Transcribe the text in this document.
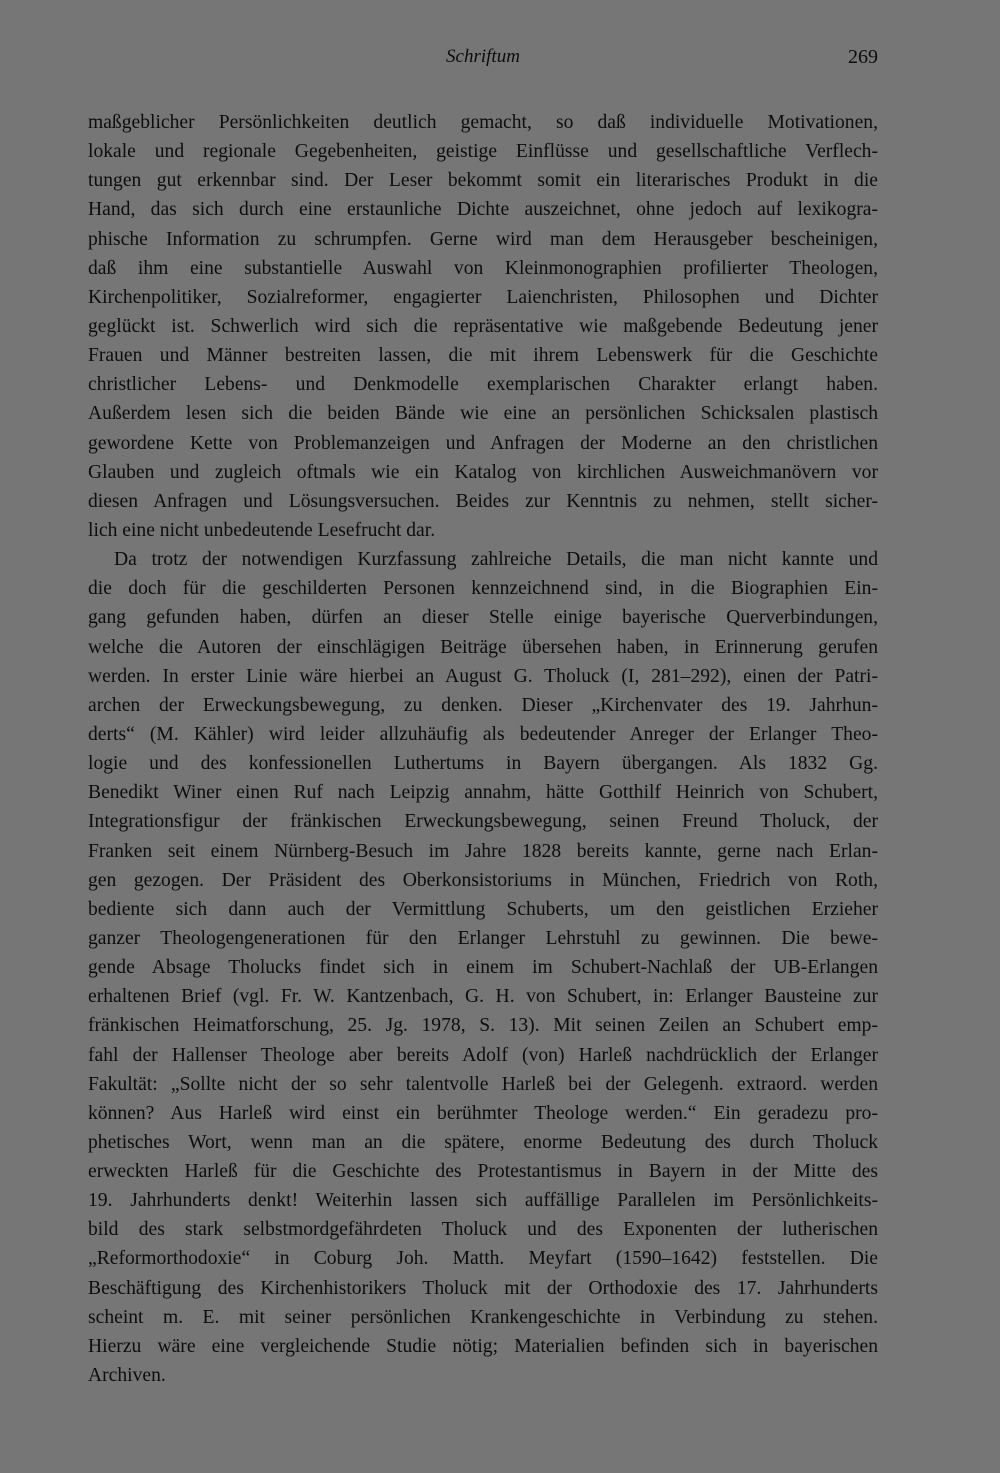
Schriftum	269
maßgeblicher Persönlichkeiten deutlich gemacht, so daß individuelle Motivationen,
lokale und regionale Gegebenheiten, geistige Einflüsse und gesellschaftliche Verflech-
tungen gut erkennbar sind. Der Leser bekommt somit ein literarisches Produkt in die
Hand, das sich durch eine erstaunliche Dichte auszeichnet, ohne jedoch auf lexikogra-
phische Information zu schrumpfen. Gerne wird man dem Herausgeber bescheinigen,
daß ihm eine substantielle Auswahl von Kleinmonographien profilierter Theologen,
Kirchenpolitiker, Sozialreformer, engagierter Laienchristen, Philosophen und Dichter
geglückt ist. Schwerlich wird sich die repräsentative wie maßgebende Bedeutung jener
Frauen und Männer bestreiten lassen, die mit ihrem Lebenswerk für die Geschichte
christlicher Lebens- und Denkmodelle exemplarischen Charakter erlangt haben.
Außerdem lesen sich die beiden Bände wie eine an persönlichen Schicksalen plastisch
gewordene Kette von Problemanzeigen und Anfragen der Moderne an den christlichen
Glauben und zugleich oftmals wie ein Katalog von kirchlichen Ausweichmanövern vor
diesen Anfragen und Lösungsversuchen. Beides zur Kenntnis zu nehmen, stellt sicher-
lich eine nicht unbedeutende Lesefrucht dar.
Da trotz der notwendigen Kurzfassung zahlreiche Details, die man nicht kannte und
die doch für die geschilderten Personen kennzeichnend sind, in die Biographien Ein-
gang gefunden haben, dürfen an dieser Stelle einige bayerische Querverbindungen,
welche die Autoren der einschlägigen Beiträge übersehen haben, in Erinnerung gerufen
werden. In erster Linie wäre hierbei an August G. Tholuck (I, 281–292), einen der Patri-
archen der Erweckungsbewegung, zu denken. Dieser „Kirchenvater des 19. Jahrhun-
derts“ (M. Kähler) wird leider allzuhäufig als bedeutender Anreger der Erlanger Theo-
logie und des konfessionellen Luthertums in Bayern übergangen. Als 1832 Gg.
Benedikt Winer einen Ruf nach Leipzig annahm, hätte Gotthilf Heinrich von Schubert,
Integrationsfigur der fränkischen Erweckungsbewegung, seinen Freund Tholuck, der
Franken seit einem Nürnberg-Besuch im Jahre 1828 bereits kannte, gerne nach Erlan-
gen gezogen. Der Präsident des Oberkonsistoriums in München, Friedrich von Roth,
bediente sich dann auch der Vermittlung Schuberts, um den geistlichen Erzieher
ganzer Theologengenerationen für den Erlanger Lehrstuhl zu gewinnen. Die bewe-
gende Absage Tholucks findet sich in einem im Schubert-Nachlaß der UB-Erlangen
erhaltenen Brief (vgl. Fr. W. Kantzenbach, G. H. von Schubert, in: Erlanger Bausteine zur
fränkischen Heimatforschung, 25. Jg. 1978, S. 13). Mit seinen Zeilen an Schubert emp-
fahl der Hallenser Theologe aber bereits Adolf (von) Harleß nachdrücklich der Erlanger
Fakultät: „Sollte nicht der so sehr talentvolle Harleß bei der Gelegenh. extraord. werden
können? Aus Harleß wird einst ein berühmter Theologe werden.“ Ein geradezu pro-
phetisches Wort, wenn man an die spätere, enorme Bedeutung des durch Tholuck
erweckten Harleß für die Geschichte des Protestantismus in Bayern in der Mitte des
19. Jahrhunderts denkt! Weiterhin lassen sich auffällige Parallelen im Persönlichkeits-
bild des stark selbstmordgefährdeten Tholuck und des Exponenten der lutherischen
„Reformorthodoxie“ in Coburg Joh. Matth. Meyfart (1590–1642) feststellen. Die
Beschäftigung des Kirchenhistorikers Tholuck mit der Orthodoxie des 17. Jahrhunderts
scheint m. E. mit seiner persönlichen Krankengeschichte in Verbindung zu stehen.
Hierzu wäre eine vergleichende Studie nötig; Materialien befinden sich in bayerischen
Archiven.
